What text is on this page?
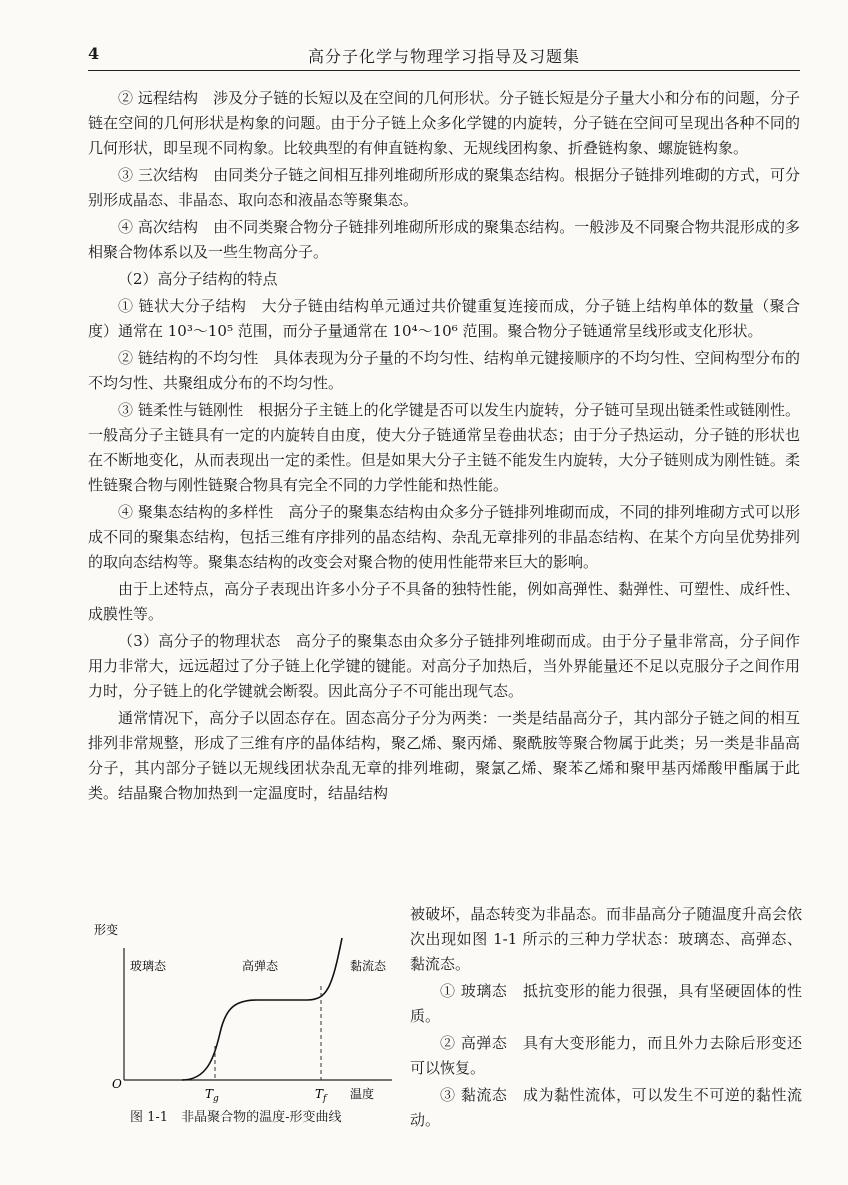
4	高分子化学与物理学习指导及习题集

② 远程结构　涉及分子链的长短以及在空间的几何形状。分子链长短是分子量大小和分布的问题，分子链在空间的几何形状是构象的问题。由于分子链上众多化学键的内旋转，分子链在空间可呈现出各种不同的几何形状，即呈现不同构象。比较典型的有伸直链构象、无规线团构象、折叠链构象、螺旋链构象。

③ 三次结构　由同类分子链之间相互排列堆砌所形成的聚集态结构。根据分子链排列堆砌的方式，可分别形成晶态、非晶态、取向态和液晶态等聚集态。

④ 高次结构　由不同类聚合物分子链排列堆砌所形成的聚集态结构。一般涉及不同聚合物共混形成的多相聚合物体系以及一些生物高分子。

（2）高分子结构的特点

① 链状大分子结构　大分子链由结构单元通过共价键重复连接而成，分子链上结构单体的数量（聚合度）通常在 10³～10⁵ 范围，而分子量通常在 10⁴～10⁶ 范围。聚合物分子链通常呈线形或支化形状。

② 链结构的不均匀性　具体表现为分子量的不均匀性、结构单元键接顺序的不均匀性、空间构型分布的不均匀性、共聚组成分布的不均匀性。

③ 链柔性与链刚性　根据分子主链上的化学键是否可以发生内旋转，分子链可呈现出链柔性或链刚性。一般高分子主链具有一定的内旋转自由度，使大分子链通常呈卷曲状态；由于分子热运动，分子链的形状也在不断地变化，从而表现出一定的柔性。但是如果大分子主链不能发生内旋转，大分子链则成为刚性链。柔性链聚合物与刚性链聚合物具有完全不同的力学性能和热性能。

④ 聚集态结构的多样性　高分子的聚集态结构由众多分子链排列堆砌而成，不同的排列堆砌方式可以形成不同的聚集态结构，包括三维有序排列的晶态结构、杂乱无章排列的非晶态结构、在某个方向呈优势排列的取向态结构等。聚集态结构的改变会对聚合物的使用性能带来巨大的影响。

由于上述特点，高分子表现出许多小分子不具备的独特性能，例如高弹性、黏弹性、可塑性、成纤性、成膜性等。

（3）高分子的物理状态　高分子的聚集态由众多分子链排列堆砌而成。由于分子量非常高，分子间作用力非常大，远远超过了分子链上化学键的键能。对高分子加热后，当外界能量还不足以克服分子之间作用力时，分子链上的化学键就会断裂。因此高分子不可能出现气态。

通常情况下，高分子以固态存在。固态高分子分为两类：一类是结晶高分子，其内部分子链之间的相互排列非常规整，形成了三维有序的晶体结构，聚乙烯、聚丙烯、聚酰胺等聚合物属于此类；另一类是非晶高分子，其内部分子链以无规线团状杂乱无章的排列堆砌，聚氯乙烯、聚苯乙烯和聚甲基丙烯酸甲酯属于此类。结晶聚合物加热到一定温度时，结晶结构

形变
玻璃态	高弹态	黏流态
O
$T_g$	$T_f$ 温度
图 1-1　非晶聚合物的温度-形变曲线

被破坏，晶态转变为非晶态。而非晶高分子随温度升高会依次出现如图 1-1 所示的三种力学状态：玻璃态、高弹态、黏流态。

① 玻璃态　抵抗变形的能力很强，具有坚硬固体的性质。

② 高弹态　具有大变形能力，而且外力去除后形变还可以恢复。

③ 黏流态　成为黏性流体，可以发生不可逆的黏性流动。
